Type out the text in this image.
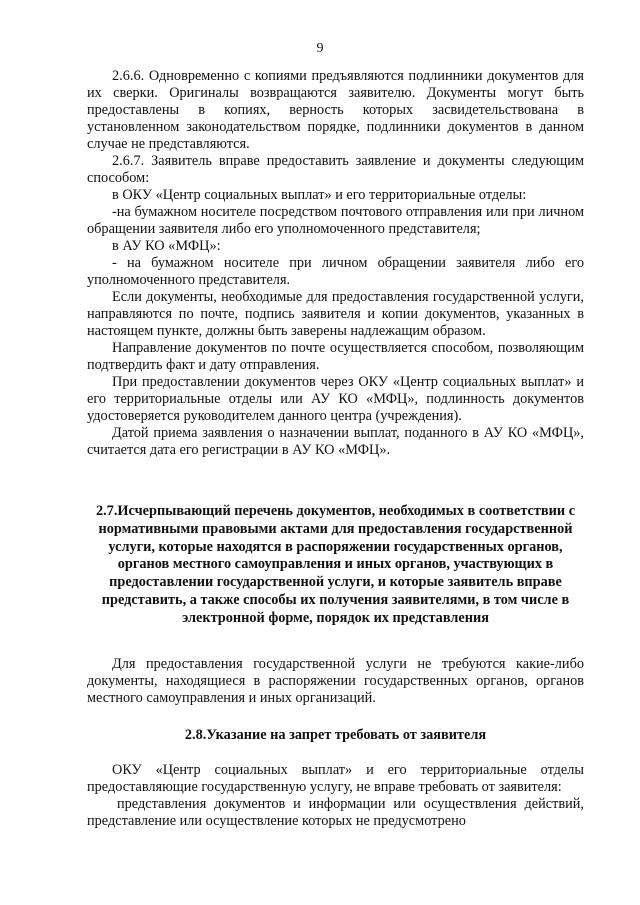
9

2.6.6. Одновременно с копиями предъявляются подлинники документов для их сверки. Оригиналы возвращаются заявителю. Документы могут быть предоставлены в копиях, верность которых засвидетельствована в установленном законодательством порядке, подлинники документов в данном случае не представляются.

2.6.7. Заявитель вправе предоставить заявление и документы следующим способом:

в ОКУ «Центр социальных выплат» и его территориальные отделы:

-на бумажном носителе посредством почтового отправления или при личном обращении заявителя либо его уполномоченного представителя;

в АУ КО «МФЦ»:

- на бумажном носителе при личном обращении заявителя либо его уполномоченного представителя.

Если документы, необходимые для предоставления государственной услуги, направляются по почте, подпись заявителя и копии документов, указанных в настоящем пункте, должны быть заверены надлежащим образом.

Направление документов по почте осуществляется способом, позволяющим подтвердить факт и дату отправления.

При предоставлении документов через ОКУ «Центр социальных выплат» и его территориальные отделы или АУ КО «МФЦ», подлинность документов удостоверяется руководителем данного центра (учреждения).

Датой приема заявления о назначении выплат, поданного в АУ КО «МФЦ», считается дата его регистрации в АУ КО «МФЦ».

2.7.Исчерпывающий перечень документов, необходимых в соответствии с нормативными правовыми актами для предоставления государственной услуги, которые находятся в распоряжении государственных органов, органов местного самоуправления и иных органов, участвующих в предоставлении государственной услуги, и которые заявитель вправе представить, а также способы их получения заявителями, в том числе в электронной форме, порядок их представления

Для предоставления государственной услуги не требуются какие-либо документы, находящиеся в распоряжении государственных органов, органов местного самоуправления и иных организаций.

2.8.Указание на запрет требовать от заявителя

ОКУ «Центр социальных выплат» и его территориальные отделы предоставляющие государственную услугу, не вправе требовать от заявителя:

представления документов и информации или осуществления действий, представление или осуществление которых не предусмотрено
